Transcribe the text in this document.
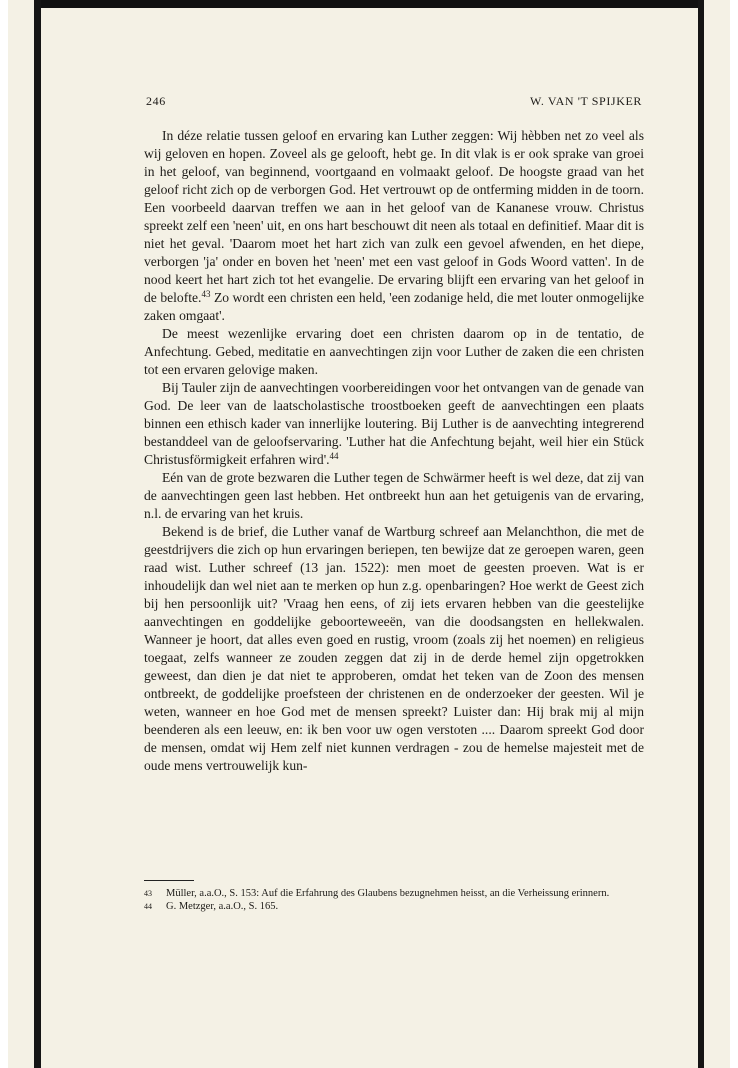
246	W. VAN 'T SPIJKER

In déze relatie tussen geloof en ervaring kan Luther zeggen: Wij hèbben net zo veel als wij geloven en hopen. Zoveel als ge gelooft, hebt ge. In dit vlak is er ook sprake van groei in het geloof, van beginnend, voortgaand en volmaakt geloof. De hoogste graad van het geloof richt zich op de verborgen God. Het vertrouwt op de ontferming midden in de toorn. Een voorbeeld daarvan treffen we aan in het geloof van de Kananese vrouw. Christus spreekt zelf een 'neen' uit, en ons hart beschouwt dit neen als totaal en definitief. Maar dit is niet het geval. 'Daarom moet het hart zich van zulk een gevoel afwenden, en het diepe, verborgen 'ja' onder en boven het 'neen' met een vast geloof in Gods Woord vatten'. In de nood keert het hart zich tot het evangelie. De ervaring blijft een ervaring van het geloof in de belofte.$^{43}$ Zo wordt een christen een held, 'een zodanige held, die met louter onmogelijke zaken omgaat'.

De meest wezenlijke ervaring doet een christen daarom op in de tentatio, de Anfechtung. Gebed, meditatie en aanvechtingen zijn voor Luther de zaken die een christen tot een ervaren gelovige maken.

Bij Tauler zijn de aanvechtingen voorbereidingen voor het ontvangen van de genade van God. De leer van de laatscholastische troostboeken geeft de aanvechtingen een plaats binnen een ethisch kader van innerlijke loutering. Bij Luther is de aanvechting integrerend bestanddeel van de geloofservaring. 'Luther hat die Anfechtung bejaht, weil hier ein Stück Christusförmigkeit erfahren wird'.$^{44}$

Eén van de grote bezwaren die Luther tegen de Schwärmer heeft is wel deze, dat zij van de aanvechtingen geen last hebben. Het ontbreekt hun aan het getuigenis van de ervaring, n.l. de ervaring van het kruis.

Bekend is de brief, die Luther vanaf de Wartburg schreef aan Melanchthon, die met de geestdrijvers die zich op hun ervaringen beriepen, ten bewijze dat ze geroepen waren, geen raad wist. Luther schreef (13 jan. 1522): men moet de geesten proeven. Wat is er inhoudelijk dan wel niet aan te merken op hun z.g. openbaringen? Hoe werkt de Geest zich bij hen persoonlijk uit? 'Vraag hen eens, of zij iets ervaren hebben van die geestelijke aanvechtingen en goddelijke geboorteweeën, van die doodsangsten en hellekwalen. Wanneer je hoort, dat alles even goed en rustig, vroom (zoals zij het noemen) en religieus toegaat, zelfs wanneer ze zouden zeggen dat zij in de derde hemel zijn opgetrokken geweest, dan dien je dat niet te approberen, omdat het teken van de Zoon des mensen ontbreekt, de goddelijke proefsteen der christenen en de onderzoeker der geesten. Wil je weten, wanneer en hoe God met de mensen spreekt? Luister dan: Hij brak mij al mijn beenderen als een leeuw, en: ik ben voor uw ogen verstoten .... Daarom spreekt God door de mensen, omdat wij Hem zelf niet kunnen verdragen - zou de hemelse majesteit met de oude mens vertrouwelijk kun-

43 Müller, a.a.O., S. 153: Auf die Erfahrung des Glaubens bezugnehmen heisst, an die Verheissung erinnern.
44 G. Metzger, a.a.O., S. 165.
